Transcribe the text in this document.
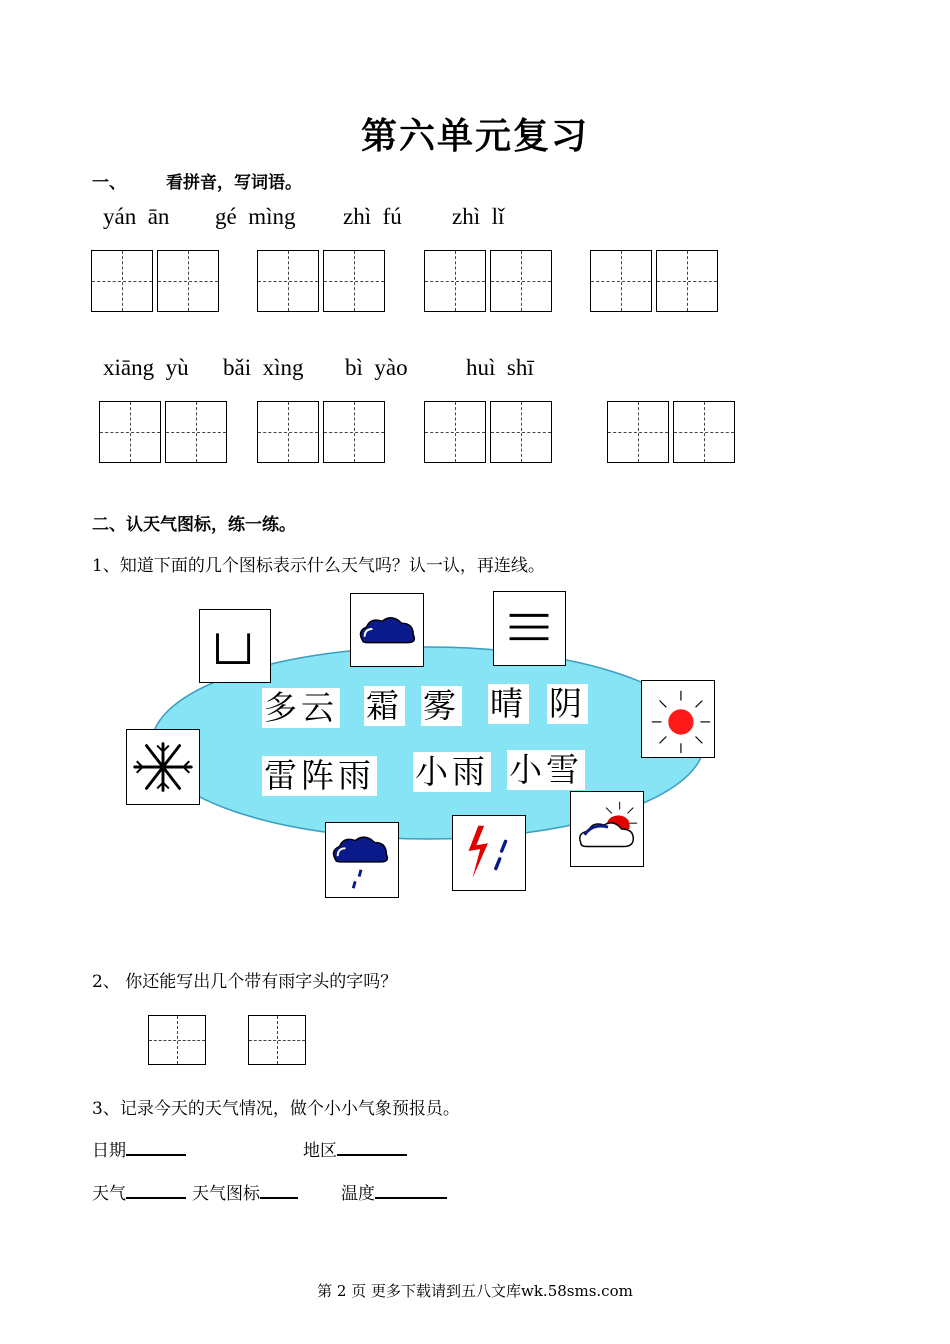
第六单元复习
一、 看拼音，写词语。
yán  ān gé  mìng zhì  fú zhì  lǐ
xiāng  yù bǎi  xìng bì  yào	huì  shī
二、认天气图标，练一练。
1、知道下面的几个图标表示什么天气吗？认一认，再连线。
多云 霜 雾 晴 阴
雷阵雨 小雨 小雪
2、 你还能写出几个带有雨字头的字吗？
3、记录今天的天气情况，做个小小气象预报员。
日期	地区
天气	天气图标	温度
第 2 页 更多下载请到五八文库wk.58sms.com
